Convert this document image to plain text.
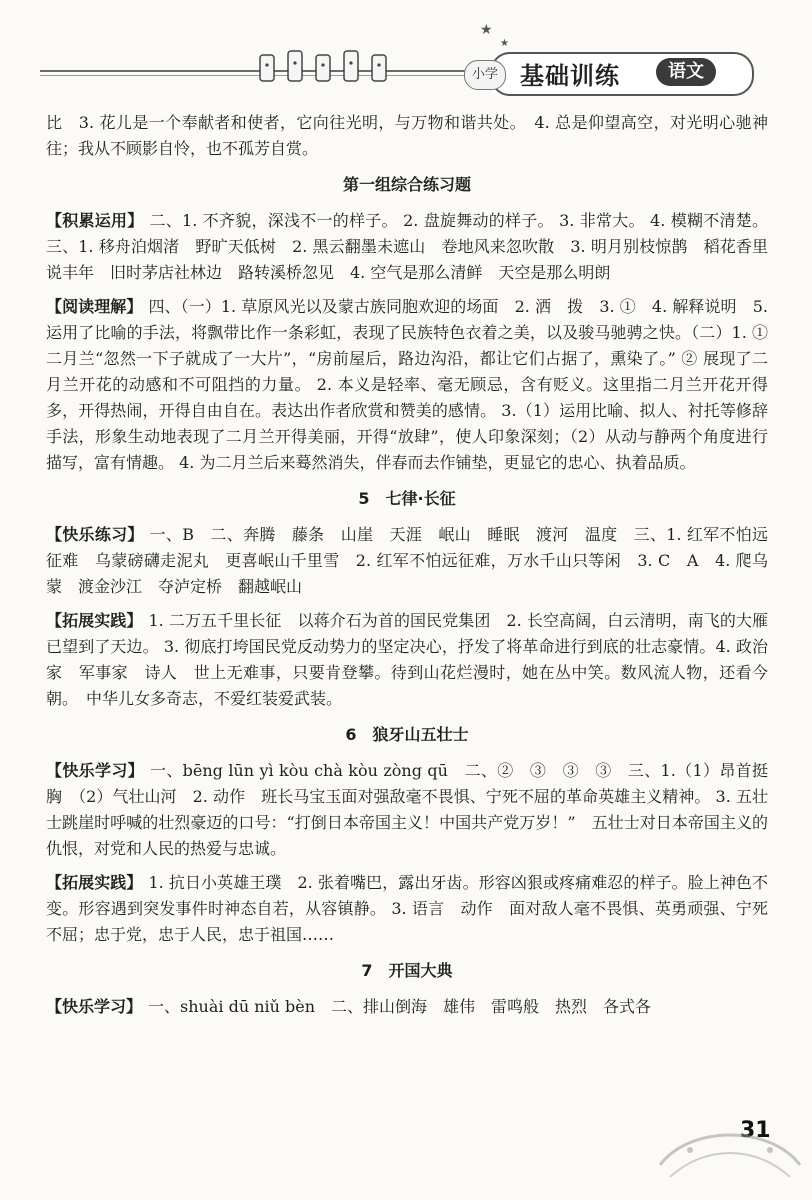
★
★
小学 基础训练	语文
比　3. 花儿是一个奉献者和使者，它向往光明，与万物和谐共处。　4. 总是仰望高空，对光明心驰神往；我从不顾影自怜，也不孤芳自赏。
第一组综合练习题
【积累运用】 二、1. 不齐貌，深浅不一的样子。 2. 盘旋舞动的样子。 3. 非常大。 4. 模糊不清楚。 三、1. 移舟泊烟渚　野旷天低树　2. 黑云翻墨未遮山　卷地风来忽吹散　3. 明月别枝惊鹊　稻花香里说丰年　旧时茅店社林边　路转溪桥忽见　4. 空气是那么清鲜　天空是那么明朗
【阅读理解】 四、（一）1. 草原风光以及蒙古族同胞欢迎的场面　2. 洒　拨　3. ①　4. 解释说明　5. 运用了比喻的手法，将飘带比作一条彩虹，表现了民族特色衣着之美，以及骏马驰骋之快。（二）1. ① 二月兰“忽然一下子就成了一大片”，“房前屋后，路边沟沿，都让它们占据了，熏染了。” ② 展现了二月兰开花的动感和不可阻挡的力量。 2. 本义是轻率、毫无顾忌，含有贬义。这里指二月兰开花开得多，开得热闹，开得自由自在。表达出作者欣赏和赞美的感情。 3.（1）运用比喻、拟人、衬托等修辞手法，形象生动地表现了二月兰开得美丽，开得“放肆”，使人印象深刻；（2）从动与静两个角度进行描写，富有情趣。 4. 为二月兰后来蓦然消失，伴春而去作铺垫，更显它的忠心、执着品质。
5　七律·长征
【快乐练习】 一、B　二、奔腾　藤条　山崖　天涯　岷山　睡眠　渡河　温度　三、1. 红军不怕远征难　乌蒙磅礴走泥丸　更喜岷山千里雪　2. 红军不怕远征难，万水千山只等闲　3. C　A　4. 爬乌蒙　渡金沙江　夺泸定桥　翻越岷山
【拓展实践】 1. 二万五千里长征　以蒋介石为首的国民党集团　2. 长空高阔，白云清明，南飞的大雁已望到了天边。 3. 彻底打垮国民党反动势力的坚定决心，抒发了将革命进行到底的壮志豪情。4. 政治家　军事家　诗人　世上无难事，只要肯登攀。待到山花烂漫时，她在丛中笑。数风流人物，还看今朝。　中华儿女多奇志，不爱红装爱武装。
6　狼牙山五壮士
【快乐学习】 一、bēng lūn yì kòu chà kòu zòng qū　二、②　③　③　③　三、1.（1）昂首挺胸　（2）气壮山河　2. 动作　班长马宝玉面对强敌毫不畏惧、宁死不屈的革命英雄主义精神。 3. 五壮士跳崖时呼喊的壮烈豪迈的口号：“打倒日本帝国主义！中国共产党万岁！”　五壮士对日本帝国主义的仇恨，对党和人民的热爱与忠诚。
【拓展实践】 1. 抗日小英雄王璞　2. 张着嘴巴，露出牙齿。形容凶狠或疼痛难忍的样子。脸上神色不变。形容遇到突发事件时神态自若，从容镇静。 3. 语言　动作　面对敌人毫不畏惧、英勇顽强、宁死不屈；忠于党，忠于人民，忠于祖国……
7　开国大典
【快乐学习】 一、shuài dū niǔ bèn　二、排山倒海　雄伟　雷鸣般　热烈　各式各
31
